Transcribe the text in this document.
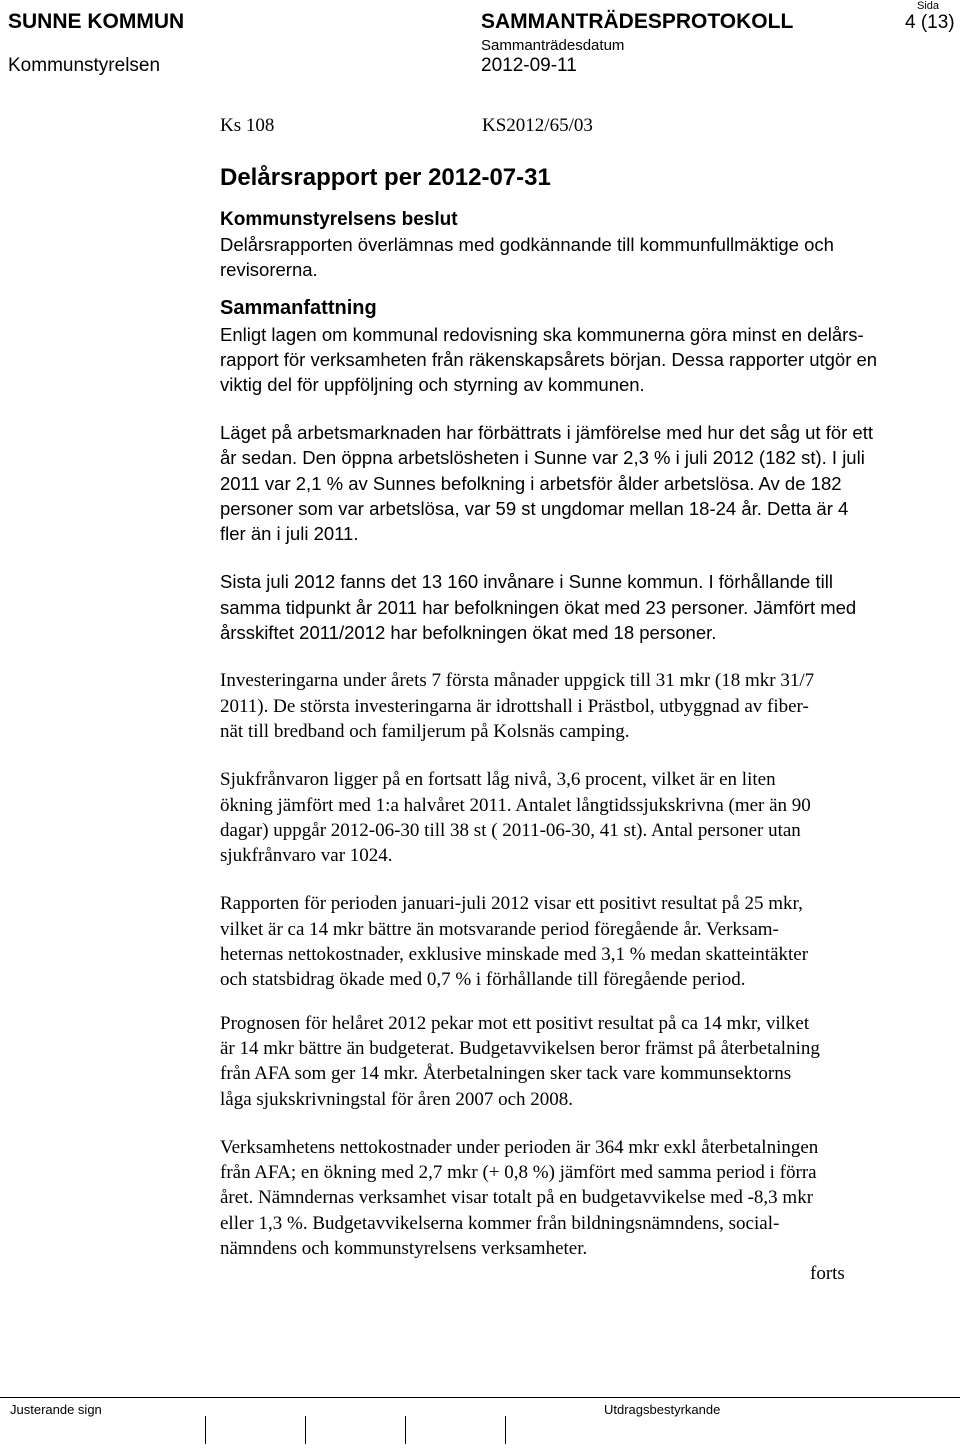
SUNNE KOMMUN
Kommunstyrelsen
SAMMANTRÄDESPROTOKOLL
Sammanträdesdatum
2012-09-11
Sida
4 (13)
Ks 108	KS2012/65/03
Delårsrapport per 2012-07-31
Kommunstyrelsens beslut
Delårsrapporten överlämnas med godkännande till kommunfullmäktige och
revisorerna.
Sammanfattning
Enligt lagen om kommunal redovisning ska kommunerna göra minst en delårs-
rapport för verksamheten från räkenskapsårets början. Dessa rapporter utgör en
viktig del för uppföljning och styrning av kommunen.
Läget på arbetsmarknaden har förbättrats i jämförelse med hur det såg ut för ett
år sedan. Den öppna arbetslösheten i Sunne var 2,3 % i juli 2012 (182 st). I juli
2011 var 2,1 % av Sunnes befolkning i arbetsför ålder arbetslösa. Av de 182
personer som var arbetslösa, var 59 st ungdomar mellan 18-24 år. Detta är 4
fler än i juli 2011.
Sista juli 2012 fanns det 13 160 invånare i Sunne kommun. I förhållande till
samma tidpunkt år 2011 har befolkningen ökat med 23 personer. Jämfört med
årsskiftet 2011/2012 har befolkningen ökat med 18 personer.
Investeringarna under årets 7 första månader uppgick till 31 mkr (18 mkr 31/7
2011). De största investeringarna är idrottshall i Prästbol, utbyggnad av fiber-
nät till bredband och familjerum på Kolsnäs camping.
Sjukfrånvaron ligger på en fortsatt låg nivå, 3,6 procent, vilket är en liten
ökning jämfört med 1:a halvåret 2011. Antalet långtidssjukskrivna (mer än 90
dagar) uppgår 2012-06-30 till 38 st ( 2011-06-30, 41 st). Antal personer utan
sjukfrånvaro var 1024.
Rapporten för perioden januari-juli 2012 visar ett positivt resultat på 25 mkr,
vilket är ca 14 mkr bättre än motsvarande period föregående år. Verksam-
heternas nettokostnader, exklusive minskade med 3,1 % medan skatteintäkter
och statsbidrag ökade med 0,7 % i förhållande till föregående period.
Prognosen för helåret 2012 pekar mot ett positivt resultat på ca 14 mkr, vilket
är 14 mkr bättre än budgeterat. Budgetavvikelsen beror främst på återbetalning
från AFA som ger 14 mkr. Återbetalningen sker tack vare kommunsektorns
låga sjukskrivningstal för åren 2007 och 2008.
Verksamhetens nettokostnader under perioden är 364 mkr exkl återbetalningen
från AFA; en ökning med 2,7 mkr (+ 0,8 %) jämfört med samma period i förra
året. Nämndernas verksamhet visar totalt på en budgetavvikelse med -8,3 mkr
eller 1,3 %. Budgetavvikelserna kommer från bildningsnämndens, social-
nämndens och kommunstyrelsens verksamheter.
forts
Justerande sign	Utdragsbestyrkande
